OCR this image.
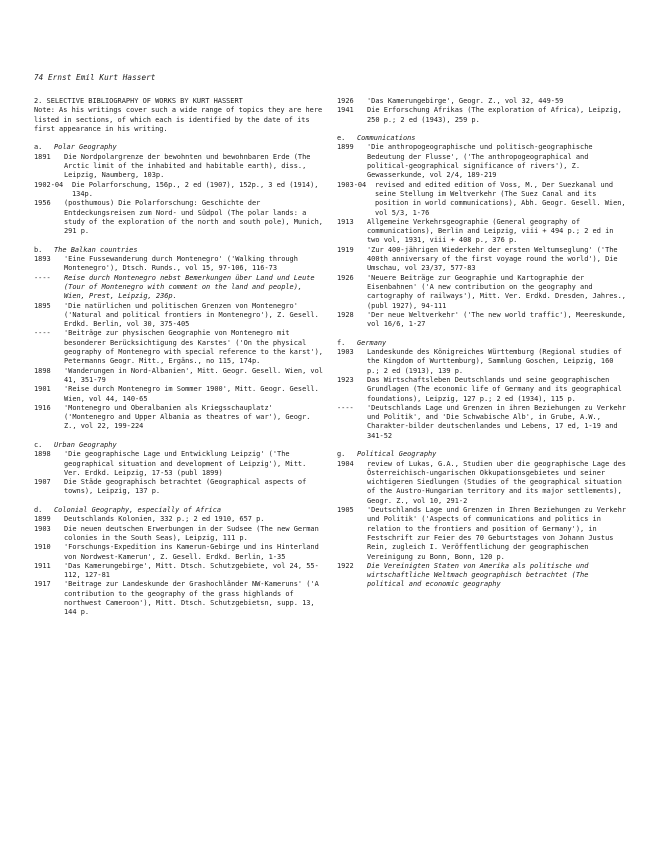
74 Ernst Emil Kurt Hassert

2. SELECTIVE BIBLIOGRAPHY OF WORKS BY KURT HASSERT

Note: As his writings cover such a wide range of topics they are here listed in sections, of which each is identified by the date of its first appearance in his writing.

a.	Polar Geography
1891	Die Nordpolargrenze der bewohnten und bewohnbaren Erde (The Arctic limit of the inhabited and habitable earth), diss., Leipzig, Naumberg, 103p.
1902-04	Die Polarforschung, 156p., 2 ed (1907), 152p., 3 ed (1914), 134p.
1956	(posthumous) Die Polarforschung: Geschichte der Entdeckungsreisen zum Nord- und Südpol (The polar lands: a study of the exploration of the north and south pole), Munich, 291 p.
b.	The Balkan countries
1893	'Eine Fussewanderung durch Montenegro' ('Walking through Montenegro'), Dtsch. Runds., vol 15, 97-106, 116-73
----	Reise durch Montenegro nebst Bemerkungen über Land und Leute (Tour of Montenegro with comment on the land and people), Wien, Prest, Leipzig, 236p.
1895	'Die natürlichen und politischen Grenzen von Montenegro' ('Natural and political frontiers in Montenegro'), Z. Gesell. Erdkd. Berlin, vol 30, 375-405
----	'Beiträge zur physischen Geographie von Montenegro mit besonderer Berücksichtigung des Karstes' ('On the physical geography of Montenegro with special reference to the karst'), Petermanns Geogr. Mitt., Ergäns., no 115, 174p.
1898	'Wanderungen in Nord-Albanien', Mitt. Geogr. Gesell. Wien, vol 41, 351-79
1901	'Reise durch Montenegro im Sommer 1900', Mitt. Geogr. Gesell. Wien, vol 44, 140-65
1916	'Montenegro und Oberalbanien als Kriegsschauplatz' ('Montenegro and Upper Albania as theatres of war'), Geogr. Z., vol 22, 199-224
c.	Urban Geography
1898	'Die geographische Lage und Entwicklung Leipzig' ('The geographical situation and development of Leipzig'), Mitt. Ver. Erdkd. Leipzig, 17-53 (publ 1899)
1907	Die Städe geographisch betrachtet (Geographical aspects of towns), Leipzig, 137 p.
d.	Colonial Geography, especially of Africa
1899	Deutschlands Kolonien, 332 p.; 2 ed 1910, 657 p.
1903	Die neuen deutschen Erwerbungen in der Sudsee (The new German colonies in the South Seas), Leipzig, 111 p.
1910	'Forschungs-Expedition ins Kamerun-Gebirge und ins Hinterland von Nordwest-Kamerun', Z. Gesell. Erdkd. Berlin, 1-35
1911	'Das Kamerungebirge', Mitt. Dtsch. Schutzgebiete, vol 24, 55-112, 127-81
1917	'Beitrage zur Landeskunde der Grashochländer NW-Kameruns' ('A contribution to the geography of the grass highlands of northwest Cameroon'), Mitt. Dtsch. Schutzgebietsn, supp. 13, 144 p.
1926	'Das Kamerungebirge', Geogr. Z., vol 32, 449-59
1941	Die Erforschung Afrikas (The exploration of Africa), Leipzig, 250 p.; 2 ed (1943), 259 p.
e.	Communications
1899	'Die anthropogeographische und politisch-geographische Bedeutung der Flusse', ('The anthropogeographical and political-geographical significance of rivers'), Z. Gewasserkunde, vol 2/4, 189-219
1903-04	revised and edited edition of Voss, M., Der Suezkanal und seine Stellung im Weltverkehr (The Suez Canal and its position in world communications), Abh. Geogr. Gesell. Wien, vol 5/3, 1-76
1913	Allgemeine Verkehrsgeographie (General geography of communications), Berlin and Leipzig, viii + 494 p.; 2 ed in two vol, 1931, viii + 408 p., 376 p.
1919	'Zur 400-jährigen Wiederkehr der ersten Weltumseglung' ('The 400th anniversary of the first voyage round the world'), Die Umschau, vol 23/37, 577-83
1926	'Neuere Beiträge zur Geographie und Kartographie der Eisenbahnen' ('A new contribution on the geography and cartography of railways'), Mitt. Ver. Erdkd. Dresden, Jahres., (publ 1927), 94-111
1928	'Der neue Weltverkehr' ('The new world traffic'), Meereskunde, vol 16/6, 1-27
f.	Germany
1903	Landeskunde des Königreiches Württemburg (Regional studies of the Kingdom of Wurttemburg), Sammlung Goschen, Leipzig, 160 p.; 2 ed (1913), 139 p.
1923	Das Wirtschaftsleben Deutschlands und seine geographischen Grundlagen (The economic life of Germany and its geographical foundations), Leipzig, 127 p.; 2 ed (1934), 115 p.
----	'Deutschlands Lage und Grenzen in ihren Beziehungen zu Verkehr und Politik', and 'Die Schwabische Alb', in Grube, A.W., Charakter-bilder deutschenlandes und Lebens, 17 ed, 1-19 and 341-52
g.	Political Geography
1904	review of Lukas, G.A., Studien uber die geographische Lage des Österreichisch-ungarischen Okkupationsgebietes und seiner wichtigeren Siedlungen (Studies of the geographical situation of the Austro-Hungarian territory and its major settlements), Geogr. Z., vol 10, 291-2
1905	'Deutschlands Lage und Grenzen in Ihren Beziehungen zu Verkehr und Politik' ('Aspects of communications and politics in relation to the frontiers and position of Germany'), in Festschrift zur Feier des 70 Geburtstages von Johann Justus Rein, zugleich I. Veröffentlichung der geographischen Vereinigung zu Bonn, Bonn, 120 p.
1922	Die Vereinigten Staten von Amerika als politische und wirtschaftliche Weltmach geographisch betrachtet (The political and economic geography
